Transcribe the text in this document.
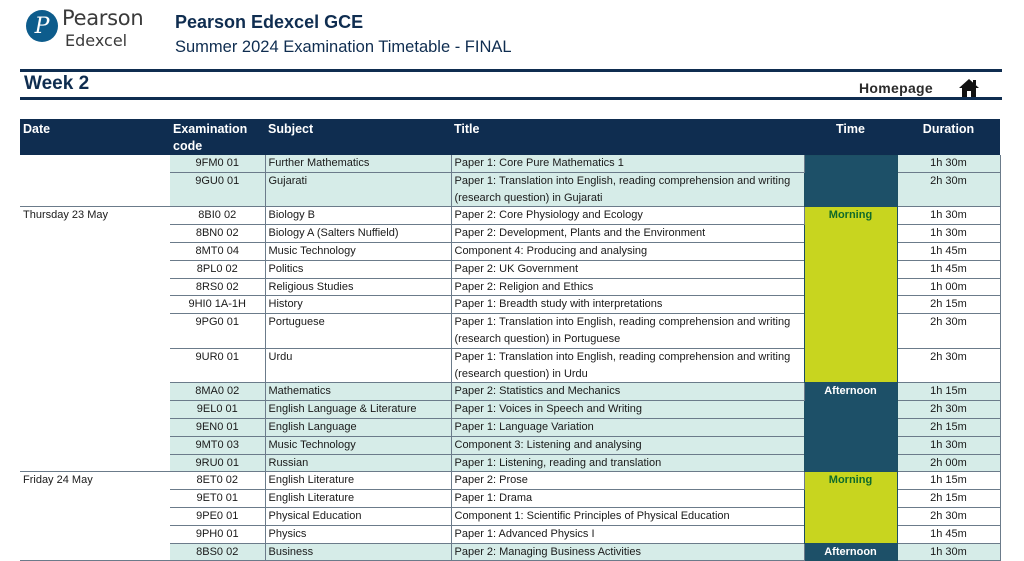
P Pearson
Edexcel
Pearson Edexcel GCE
Summer 2024 Examination Timetable - FINAL
Week 2	Homepage
Date	Examination code	Subject	Title	Time	Duration
	9FM0 01	Further Mathematics	Paper 1: Core Pure Mathematics 1		1h 30m
	9GU0 01	Gujarati	Paper 1: Translation into English, reading comprehension and writing (research question) in Gujarati		2h 30m
Thursday 23 May	8BI0 02	Biology B	Paper 2: Core Physiology and Ecology	Morning	1h 30m
	8BN0 02	Biology A (Salters Nuffield)	Paper 2: Development, Plants and the Environment		1h 30m
	8MT0 04	Music Technology	Component 4: Producing and analysing		1h 45m
	8PL0 02	Politics	Paper 2: UK Government		1h 45m
	8RS0 02	Religious Studies	Paper 2: Religion and Ethics		1h 00m
	9HI0 1A-1H	History	Paper 1: Breadth study with interpretations		2h 15m
	9PG0 01	Portuguese	Paper 1: Translation into English, reading comprehension and writing (research question) in Portuguese		2h 30m
	9UR0 01	Urdu	Paper 1: Translation into English, reading comprehension and writing (research question) in Urdu		2h 30m
	8MA0 02	Mathematics	Paper 2: Statistics and Mechanics	Afternoon	1h 15m
	9EL0 01	English Language & Literature	Paper 1: Voices in Speech and Writing		2h 30m
	9EN0 01	English Language	Paper 1: Language Variation		2h 15m
	9MT0 03	Music Technology	Component 3: Listening and analysing		1h 30m
	9RU0 01	Russian	Paper 1: Listening, reading and translation		2h 00m
Friday 24 May	8ET0 02	English Literature	Paper 2: Prose	Morning	1h 15m
	9ET0 01	English Literature	Paper 1: Drama		2h 15m
	9PE0 01	Physical Education	Component 1: Scientific Principles of Physical Education		2h 30m
	9PH0 01	Physics	Paper 1: Advanced Physics I		1h 45m
	8BS0 02	Business	Paper 2: Managing Business Activities	Afternoon	1h 30m
